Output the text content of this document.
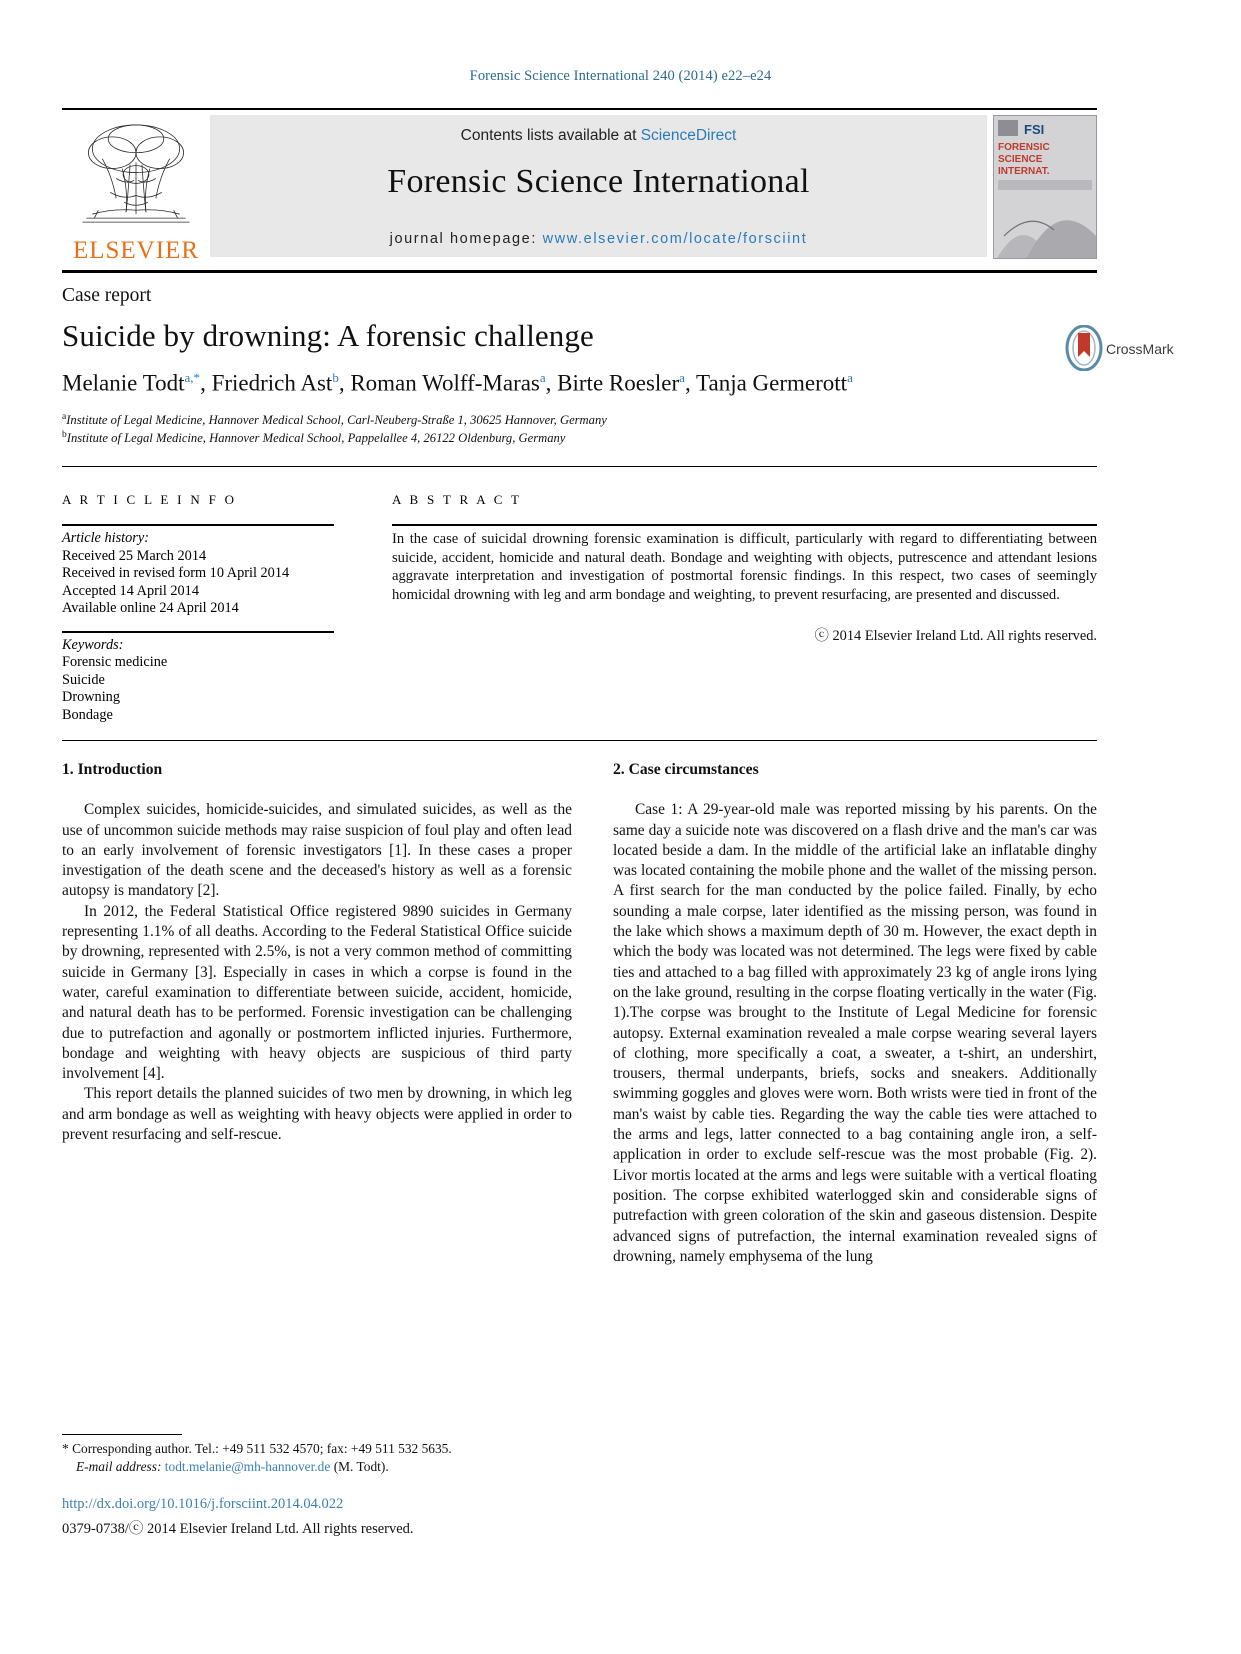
Forensic Science International 240 (2014) e22–e24
ELSEVIER
Contents lists available at ScienceDirect
Forensic Science International
journal homepage: www.elsevier.com/locate/forsciint
FSI
FORENSIC
SCIENCE
INTERNAT.
Case report
Suicide by drowning: A forensic challenge
Melanie Todt$^{a,*}$, Friedrich Ast$^b$, Roman Wolff-Maras$^a$, Birte Roesler$^a$, Tanja Germerott$^a$
$^a$Institute of Legal Medicine, Hannover Medical School, Carl-Neuberg-Straße 1, 30625 Hannover, Germany
$^b$Institute of Legal Medicine, Hannover Medical School, Pappelallee 4, 26122 Oldenburg, Germany
CrossMark
A R T I C L E I N F O
Article history:
Received 25 March 2014
Received in revised form 10 April 2014
Accepted 14 April 2014
Available online 24 April 2014
Keywords:
Forensic medicine
Suicide
Drowning
Bondage
A B S T R A C T
In the case of suicidal drowning forensic examination is difficult, particularly with regard to differentiating between suicide, accident, homicide and natural death. Bondage and weighting with objects, putrescence and attendant lesions aggravate interpretation and investigation of postmortal forensic findings. In this respect, two cases of seemingly homicidal drowning with leg and arm bondage and weighting, to prevent resurfacing, are presented and discussed.
ⓒ 2014 Elsevier Ireland Ltd. All rights reserved.
1. Introduction

Complex suicides, homicide-suicides, and simulated suicides, as well as the use of uncommon suicide methods may raise suspicion of foul play and often lead to an early involvement of forensic investigators [1]. In these cases a proper investigation of the death scene and the deceased's history as well as a forensic autopsy is mandatory [2].

In 2012, the Federal Statistical Office registered 9890 suicides in Germany representing 1.1% of all deaths. According to the Federal Statistical Office suicide by drowning, represented with 2.5%, is not a very common method of committing suicide in Germany [3]. Especially in cases in which a corpse is found in the water, careful examination to differentiate between suicide, accident, homicide, and natural death has to be performed. Forensic investigation can be challenging due to putrefaction and agonally or postmortem inflicted injuries. Furthermore, bondage and weighting with heavy objects are suspicious of third party involvement [4].

This report details the planned suicides of two men by drowning, in which leg and arm bondage as well as weighting with heavy objects were applied in order to prevent resurfacing and self-rescue.

2. Case circumstances

Case 1: A 29-year-old male was reported missing by his parents. On the same day a suicide note was discovered on a flash drive and the man's car was located beside a dam. In the middle of the artificial lake an inflatable dinghy was located containing the mobile phone and the wallet of the missing person. A first search for the man conducted by the police failed. Finally, by echo sounding a male corpse, later identified as the missing person, was found in the lake which shows a maximum depth of 30 m. However, the exact depth in which the body was located was not determined. The legs were fixed by cable ties and attached to a bag filled with approximately 23 kg of angle irons lying on the lake ground, resulting in the corpse floating vertically in the water (Fig. 1).The corpse was brought to the Institute of Legal Medicine for forensic autopsy. External examination revealed a male corpse wearing several layers of clothing, more specifically a coat, a sweater, a t-shirt, an undershirt, trousers, thermal underpants, briefs, socks and sneakers. Additionally swimming goggles and gloves were worn. Both wrists were tied in front of the man's waist by cable ties. Regarding the way the cable ties were attached to the arms and legs, latter connected to a bag containing angle iron, a self-application in order to exclude self-rescue was the most probable (Fig. 2). Livor mortis located at the arms and legs were suitable with a vertical floating position. The corpse exhibited waterlogged skin and considerable signs of putrefaction with green coloration of the skin and gaseous distension. Despite advanced signs of putrefaction, the internal examination revealed signs of drowning, namely emphysema of the lung

* Corresponding author. Tel.: +49 511 532 4570; fax: +49 511 532 5635.
E-mail address: todt.melanie@mh-hannover.de (M. Todt).
http://dx.doi.org/10.1016/j.forsciint.2014.04.022
0379-0738/ⓒ 2014 Elsevier Ireland Ltd. All rights reserved.
